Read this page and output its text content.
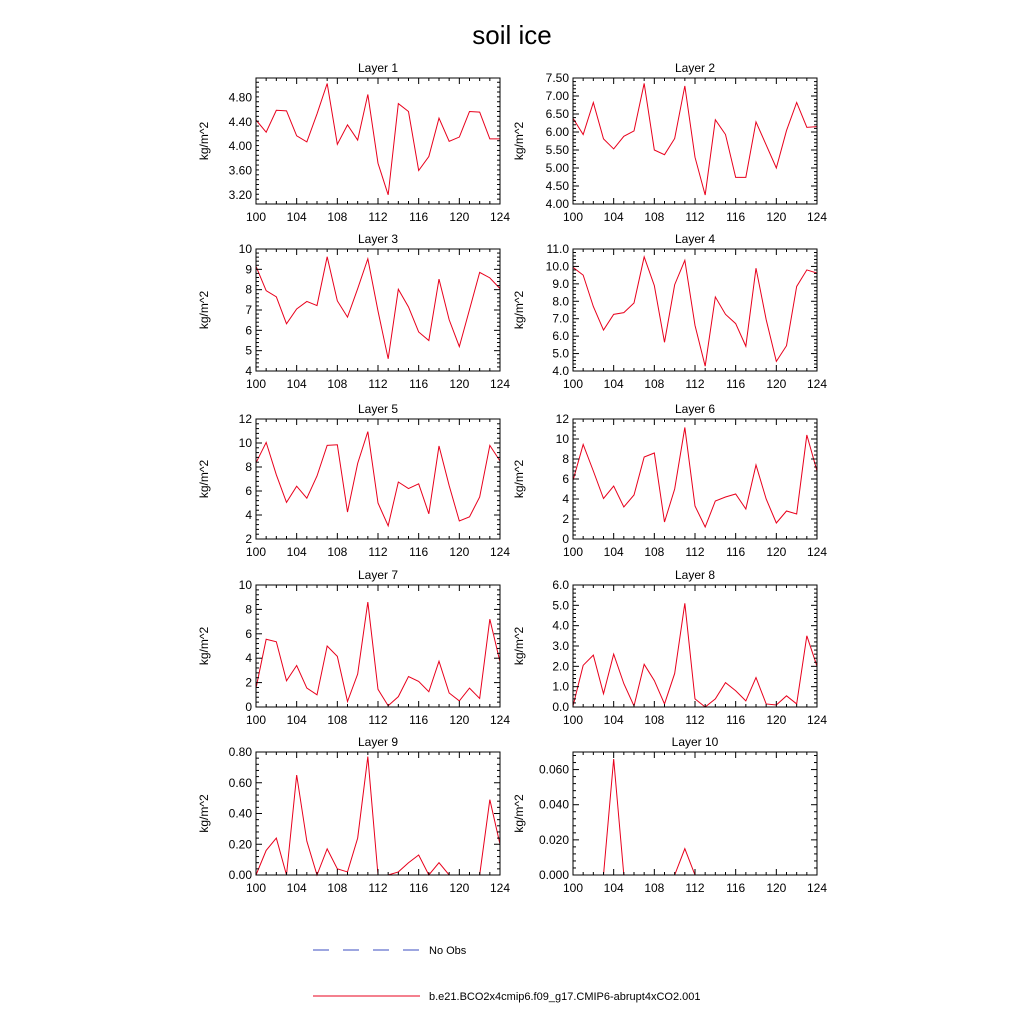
soil ice
100 104 108 112 116 120 124
3.20
3.60
4.00
4.40
4.80
Layer 1
kg/m^2
100 104 108 112 116 120 124
4.00
4.50
5.00
5.50
6.00
6.50
7.00
7.50
Layer 2
kg/m^2
100 104 108 112 116 120 124
4
5
6
7
8
9
10
Layer 3
kg/m^2
100 104 108 112 116 120 124
4.0
5.0
6.0
7.0
8.0
9.0
10.0
11.0
Layer 4
kg/m^2
100 104 108 112 116 120 124
2
4
6
8
10
12
Layer 5
kg/m^2
100 104 108 112 116 120 124
0
2
4
6
8
10
12
Layer 6
kg/m^2
100 104 108 112 116 120 124
0
2
4
6
8
10
Layer 7
kg/m^2
100 104 108 112 116 120 124
0.0
1.0
2.0
3.0
4.0
5.0
6.0
Layer 8
kg/m^2
100 104 108 112 116 120 124
0.00
0.20
0.40
0.60
0.80
Layer 9
kg/m^2
100 104 108 112 116 120 124
0.000
0.020
0.040
0.060
Layer 10
kg/m^2
No Obs
b.e21.BCO2x4cmip6.f09_g17.CMIP6-abrupt4xCO2.001
